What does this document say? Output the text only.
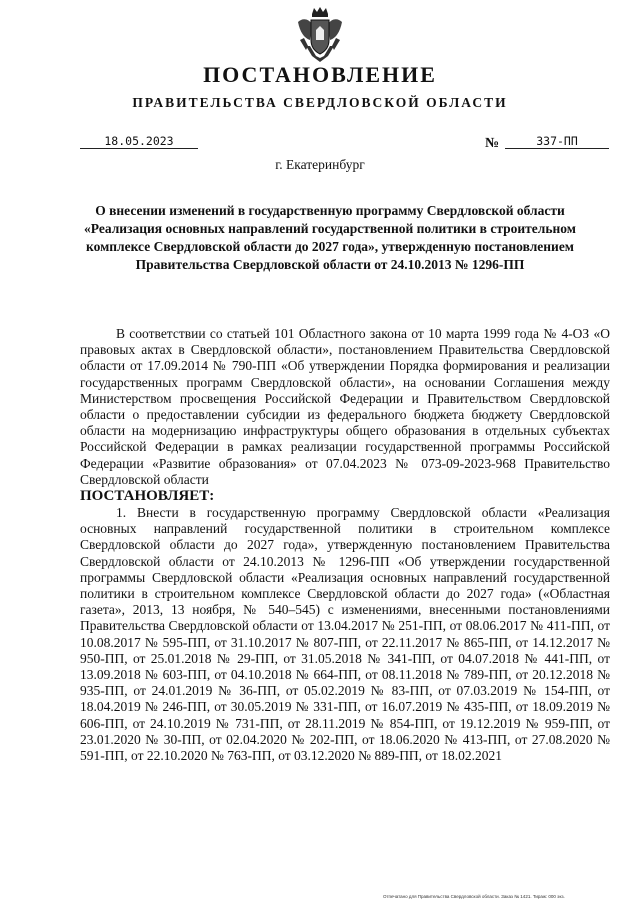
ПОСТАНОВЛЕНИЕ
ПРАВИТЕЛЬСТВА СВЕРДЛОВСКОЙ ОБЛАСТИ
18.05.2023	№	337-ПП
г. Екатеринбург
О внесении изменений в государственную программу Свердловской области «Реализация основных направлений государственной политики в строительном комплексе Свердловской области до 2027 года», утвержденную постановлением Правительства Свердловской области от 24.10.2013 № 1296-ПП

В соответствии со статьей 101 Областного закона от 10 марта 1999 года № 4-ОЗ «О правовых актах в Свердловской области», постановлением Правительства Свердловской области от 17.09.2014 № 790-ПП «Об утверждении Порядка формирования и реализации государственных программ Свердловской области», на основании Соглашения между Министерством просвещения Российской Федерации и Правительством Свердловской области о предоставлении субсидии из федерального бюджета бюджету Свердловской области на модернизацию инфраструктуры общего образования в отдельных субъектах Российской Федерации в рамках реализации государственной программы Российской Федерации «Развитие образования» от 07.04.2023 № 073-09-2023-968 Правительство Свердловской области

ПОСТАНОВЛЯЕТ:

1. Внести в государственную программу Свердловской области «Реализация основных направлений государственной политики в строительном комплексе Свердловской области до 2027 года», утвержденную постановлением Правительства Свердловской области от 24.10.2013 № 1296-ПП «Об утверждении государственной программы Свердловской области «Реализация основных направлений государственной политики в строительном комплексе Свердловской области до 2027 года» («Областная газета», 2013, 13 ноября, № 540–545) с изменениями, внесенными постановлениями Правительства Свердловской области от 13.04.2017 № 251-ПП, от 08.06.2017 № 411-ПП, от 10.08.2017 № 595-ПП, от 31.10.2017 № 807-ПП, от 22.11.2017 № 865-ПП, от 14.12.2017 № 950-ПП, от 25.01.2018 № 29-ПП, от 31.05.2018 № 341-ПП, от 04.07.2018 № 441-ПП, от 13.09.2018 № 603-ПП, от 04.10.2018 № 664-ПП, от 08.11.2018 № 789-ПП, от 20.12.2018 № 935-ПП, от 24.01.2019 № 36-ПП, от 05.02.2019 № 83-ПП, от 07.03.2019 № 154-ПП, от 18.04.2019 № 246-ПП, от 30.05.2019 № 331-ПП, от 16.07.2019 № 435-ПП, от 18.09.2019 № 606-ПП, от 24.10.2019 № 731-ПП, от 28.11.2019 № 854-ПП, от 19.12.2019 № 959-ПП, от 23.01.2020 № 30-ПП, от 02.04.2020 № 202-ПП, от 18.06.2020 № 413-ПП, от 27.08.2020 № 591-ПП, от 22.10.2020 № 763-ПП, от 03.12.2020 № 889-ПП, от 18.02.2021

Отпечатано для Правительства Свердловской области. Заказ № 1421. Тираж: 000 экз.
